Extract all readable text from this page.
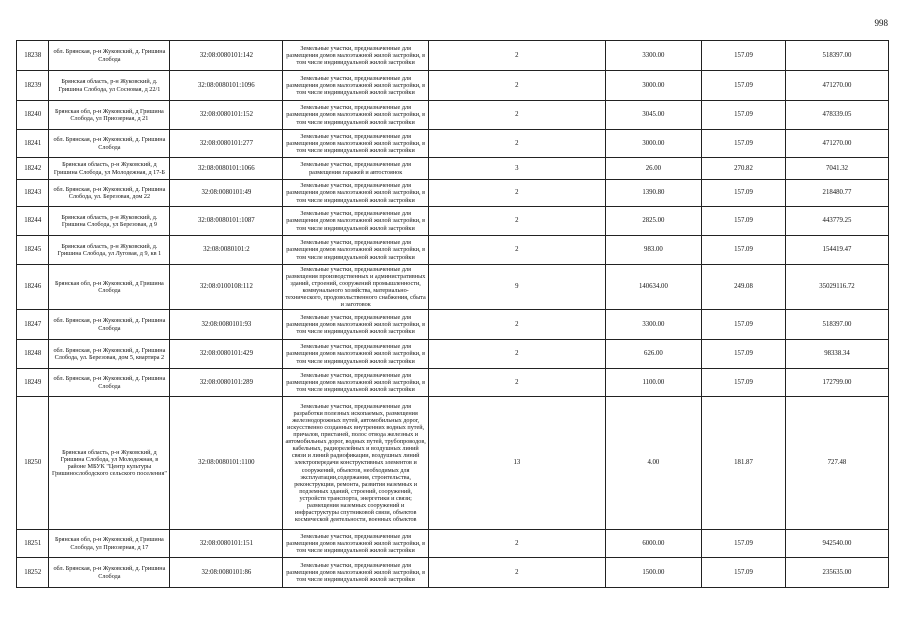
998
18238	обл. Брянская, р-н Жуковский, д. Гришина Слобода	32:08:0080101:142	Земельные участки, предназначенные для размещения домов малоэтажной жилой застройки, в том числе индивидуальной жилой застройки	2	3300.00	157.09	518397.00
18239	Брянская область, р-н Жуковский, д. Гришина Слобода, ул Сосновая, д 22/1	32:08:0080101:1096	Земельные участки, предназначенные для размещения домов малоэтажной жилой застройки, в том числе индивидуальной жилой застройки	2	3000.00	157.09	471270.00
18240	Брянская обл, р-н Жуковский, д Гришина Слобода, ул Приозерная, д 21	32:08:0080101:152	Земельные участки, предназначенные для размещения домов малоэтажной жилой застройки, в том числе индивидуальной жилой застройки	2	3045.00	157.09	478339.05
18241	обл. Брянская, р-н Жуковский, д. Гришина Слобода	32:08:0080101:277	Земельные участки, предназначенные для размещения домов малоэтажной жилой застройки, в том числе индивидуальной жилой застройки	2	3000.00	157.09	471270.00
18242	Брянская область, р-н Жуковский, д Гришина Слобода, ул Молодежная, д 17-Б	32:08:0080101:1066	Земельные участки, предназначенные для размещения гаражей и автостоянок	3	26.00	270.82	7041.32
18243	обл. Брянская, р-н Жуковский, д. Гришина Слобода, ул. Березовая, дом 22	32:08:0080101:49	Земельные участки, предназначенные для размещения домов малоэтажной жилой застройки, в том числе индивидуальной жилой застройки	2	1390.80	157.09	218480.77
18244	Брянская область, р-н Жуковский, д. Гришина Слобода, ул Березовая, д 9	32:08:0080101:1087	Земельные участки, предназначенные для размещения домов малоэтажной жилой застройки, в том числе индивидуальной жилой застройки	2	2825.00	157.09	443779.25
18245	Брянская область, р-н Жуковский, д. Гришина Слобода, ул Луговая, д 9, кв 1	32:08:0080101:2	Земельные участки, предназначенные для размещения домов малоэтажной жилой застройки, в том числе индивидуальной жилой застройки	2	983.00	157.09	154419.47
18246	Брянская обл, р-н Жуковский, д Гришина Слобода	32:08:0100108:112	Земельные участки, предназначенные для размещения производственных и административных зданий, строений, сооружений промышленности, коммунального хозяйства, материально-технического, продовольственного снабжения, сбыта и заготовок	9	140634.00	249.08	35029116.72
18247	обл. Брянская, р-н Жуковский, д. Гришина Слобода	32:08:0080101:93	Земельные участки, предназначенные для размещения домов малоэтажной жилой застройки, в том числе индивидуальной жилой застройки	2	3300.00	157.09	518397.00
18248	обл. Брянская, р-н Жуковский, д. Гришина Слобода, ул. Березовая, дом 5, квартира 2	32:08:0080101:429	Земельные участки, предназначенные для размещения домов малоэтажной жилой застройки, в том числе индивидуальной жилой застройки	2	626.00	157.09	98338.34
18249	обл. Брянская, р-н Жуковский, д. Гришина Слобода	32:08:0080101:289	Земельные участки, предназначенные для размещения домов малоэтажной жилой застройки, в том числе индивидуальной жилой застройки	2	1100.00	157.09	172799.00
18250	Брянская область, р-н Жуковский, д Гришина Слобода, ул Молодежная, в районе МБУК "Центр культуры Гришинослободского сельского поселения"	32:08:0080101:1100	Земельные участки, предназначенные для разработки полезных ископаемых, размещения железнодорожных путей, автомобильных дорог, искусственно созданных внутренних водных путей, причалов, пристаней, полос отвода железных и автомобильных дорог, водных путей, трубопроводов, кабельных, радиорелейных и воздушных линий связи и линий радиофикации, воздушных линий электропередачи конструктивных элементов и сооружений, объектов, необходимых для эксплуатации,содержания, строительства, реконструкции, ремонта, развития наземных и подземных зданий, строений, сооружений, устройств транспорта, энергетики и связи; размещения наземных сооружений и инфраструктуры спутниковой связи, объектов космической деятельности, военных объектов	13	4.00	181.87	727.48
18251	Брянская обл, р-н Жуковский, д Гришина Слобода, ул Приозерная, д 17	32:08:0080101:151	Земельные участки, предназначенные для размещения домов малоэтажной жилой застройки, в том числе индивидуальной жилой застройки	2	6000.00	157.09	942540.00
18252	обл. Брянская, р-н Жуковский, д. Гришина Слобода	32:08:0080101:86	Земельные участки, предназначенные для размещения домов малоэтажной жилой застройки, в том числе индивидуальной жилой застройки	2	1500.00	157.09	235635.00
